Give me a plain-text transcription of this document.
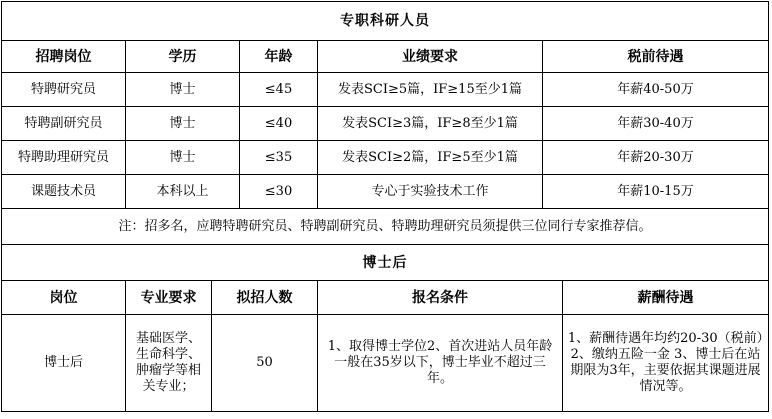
专职科研人员						
招聘岗位	学历		年龄	业绩要求	税前待遇	
特聘研究员	博士		≤45	发表SCI≥5篇，IF≥15至少1篇	年薪40-50万	
特聘副研究员	博士		≤40	发表SCI≥3篇，IF≥8至少1篇	年薪30-40万	
特聘助理研究员	博士		≤35	发表SCI≥2篇，IF≥5至少1篇	年薪20-30万	
课题技术员	本科以上		≤30	专心于实验技术工作	年薪10-15万	
注：招多名，应聘特聘研究员、特聘副研究员、特聘助理研究员须提供三位同行专家推荐信。						
博士后						
岗位	专业要求	拟招人数		报名条件		薪酬待遇
博士后	基础医学、生命科学、肿瘤学等相关专业；	50		1、取得博士学位2、首次进站人员年龄一般在35岁以下，博士毕业不超过三年。		1、薪酬待遇年均约20-30（税前）2、缴纳五险一金 3、博士后在站期限为3年，主要依据其课题进展情况等。
